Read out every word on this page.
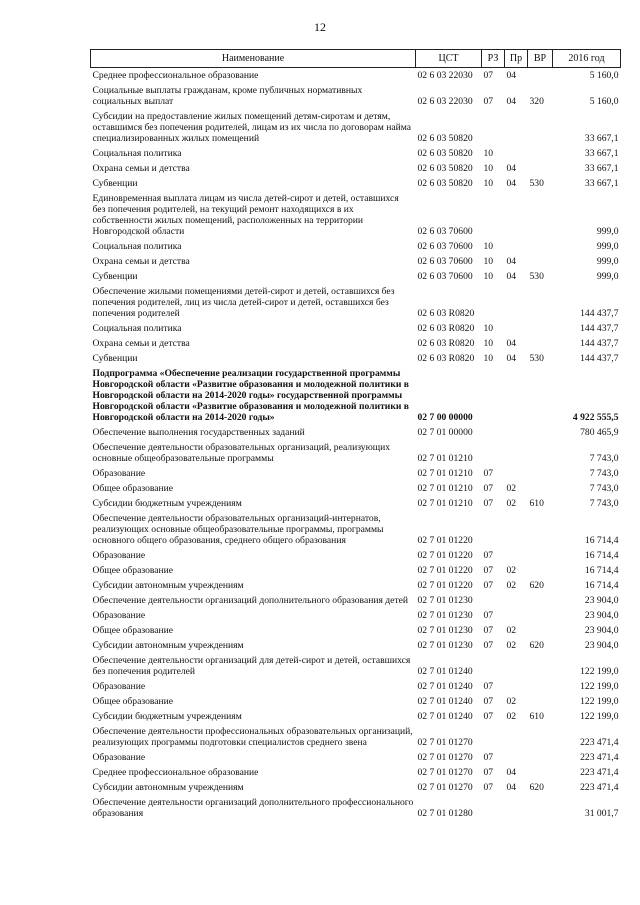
12
Наименование	ЦСТ	РЗ	Пр	ВР	2016 год
Среднее профессиональное образование	02 6 03 22030	07	04		5 160,0
Социальные выплаты гражданам, кроме публичных нормативных социальных выплат	02 6 03 22030	07	04	320	5 160,0
Субсидии на предоставление жилых помещений детям-сиротам и детям, оставшимся без попечения родителей, лицам из их числа по договорам найма специализированных жилых помещений	02 6 03 50820				33 667,1
Социальная политика	02 6 03 50820	10			33 667,1
Охрана семьи и детства	02 6 03 50820	10	04		33 667,1
Субвенции	02 6 03 50820	10	04	530	33 667,1
Единовременная выплата лицам из числа детей-сирот и детей, оставшихся без попечения родителей, на текущий ремонт находящихся в их собственности жилых помещений, расположенных на территории Новгородской области	02 6 03 70600				999,0
Социальная политика	02 6 03 70600	10			999,0
Охрана семьи и детства	02 6 03 70600	10	04		999,0
Субвенции	02 6 03 70600	10	04	530	999,0
Обеспечение жилыми помещениями детей-сирот и детей, оставшихся без попечения родителей, лиц из числа детей-сирот и детей, оставшихся без попечения родителей	02 6 03 R0820				144 437,7
Социальная политика	02 6 03 R0820	10			144 437,7
Охрана семьи и детства	02 6 03 R0820	10	04		144 437,7
Субвенции	02 6 03 R0820	10	04	530	144 437,7
Подпрограмма «Обеспечение реализации государственной программы Новгородской области «Развитие образования и молодежной политики в Новгородской области на 2014-2020 годы» государственной программы Новгородской области «Развитие образования и молодежной политики в Новгородской области на 2014-2020 годы»	02 7 00 00000				4 922 555,5
Обеспечение выполнения государственных заданий	02 7 01 00000				780 465,9
Обеспечение деятельности образовательных организаций, реализующих основные общеобразовательные программы	02 7 01 01210				7 743,0
Образование	02 7 01 01210	07			7 743,0
Общее образование	02 7 01 01210	07	02		7 743,0
Субсидии бюджетным учреждениям	02 7 01 01210	07	02	610	7 743,0
Обеспечение деятельности образовательных организаций-интернатов, реализующих основные общеобразовательные программы, программы основного общего образования, среднего общего образования	02 7 01 01220				16 714,4
Образование	02 7 01 01220	07			16 714,4
Общее образование	02 7 01 01220	07	02		16 714,4
Субсидии автономным учреждениям	02 7 01 01220	07	02	620	16 714,4
Обеспечение деятельности организаций дополнительного образования детей	02 7 01 01230				23 904,0
Образование	02 7 01 01230	07			23 904,0
Общее образование	02 7 01 01230	07	02		23 904,0
Субсидии автономным учреждениям	02 7 01 01230	07	02	620	23 904,0
Обеспечение деятельности организаций для детей-сирот и детей, оставшихся без попечения родителей	02 7 01 01240				122 199,0
Образование	02 7 01 01240	07			122 199,0
Общее образование	02 7 01 01240	07	02		122 199,0
Субсидии бюджетным учреждениям	02 7 01 01240	07	02	610	122 199,0
Обеспечение деятельности профессиональных образовательных организаций, реализующих программы подготовки специалистов среднего звена	02 7 01 01270				223 471,4
Образование	02 7 01 01270	07			223 471,4
Среднее профессиональное образование	02 7 01 01270	07	04		223 471,4
Субсидии автономным учреждениям	02 7 01 01270	07	04	620	223 471,4
Обеспечение деятельности организаций дополнительного профессионального образования	02 7 01 01280				31 001,7
